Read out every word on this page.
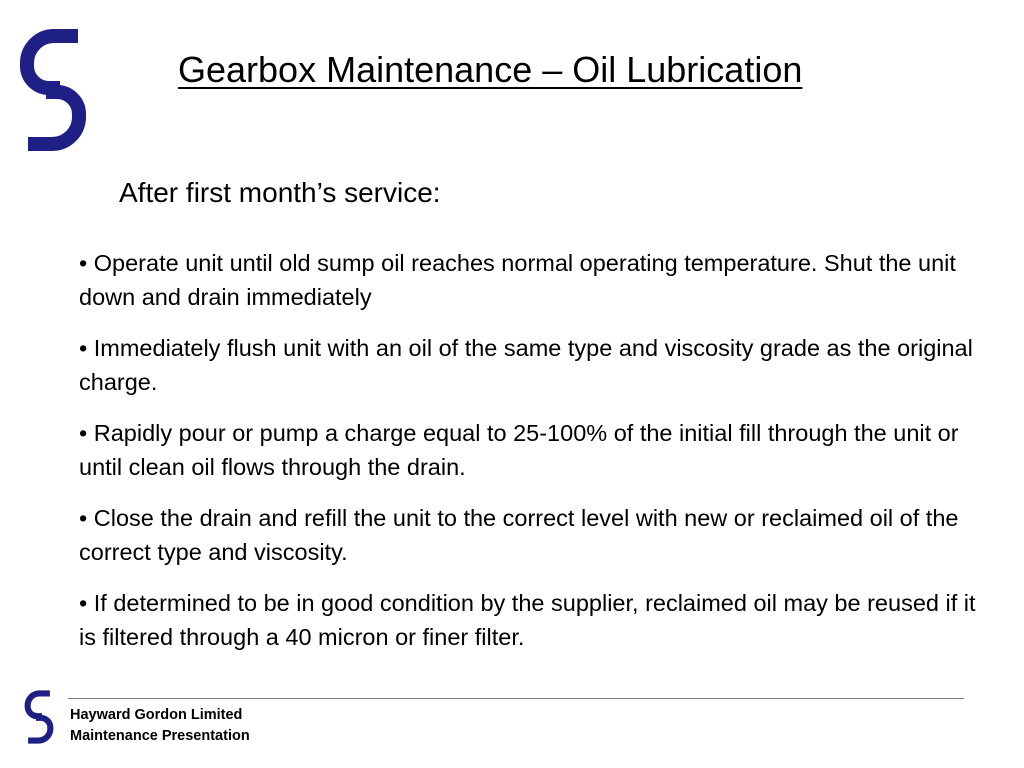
Gearbox Maintenance – Oil Lubrication
After first month’s service:
• Operate unit until old sump oil reaches normal operating temperature. Shut the unit down and drain immediately
• Immediately flush unit with an oil of the same type and viscosity grade as the original charge.
• Rapidly pour or pump a charge equal to 25-100% of the initial fill through the unit or until clean oil flows through the drain.
• Close the drain and refill the unit to the correct level with new or reclaimed oil of the correct type and viscosity.
• If determined to be in good condition by the supplier, reclaimed oil may be reused if it is filtered through a 40 micron or finer filter.
Hayward Gordon Limited
Maintenance Presentation
